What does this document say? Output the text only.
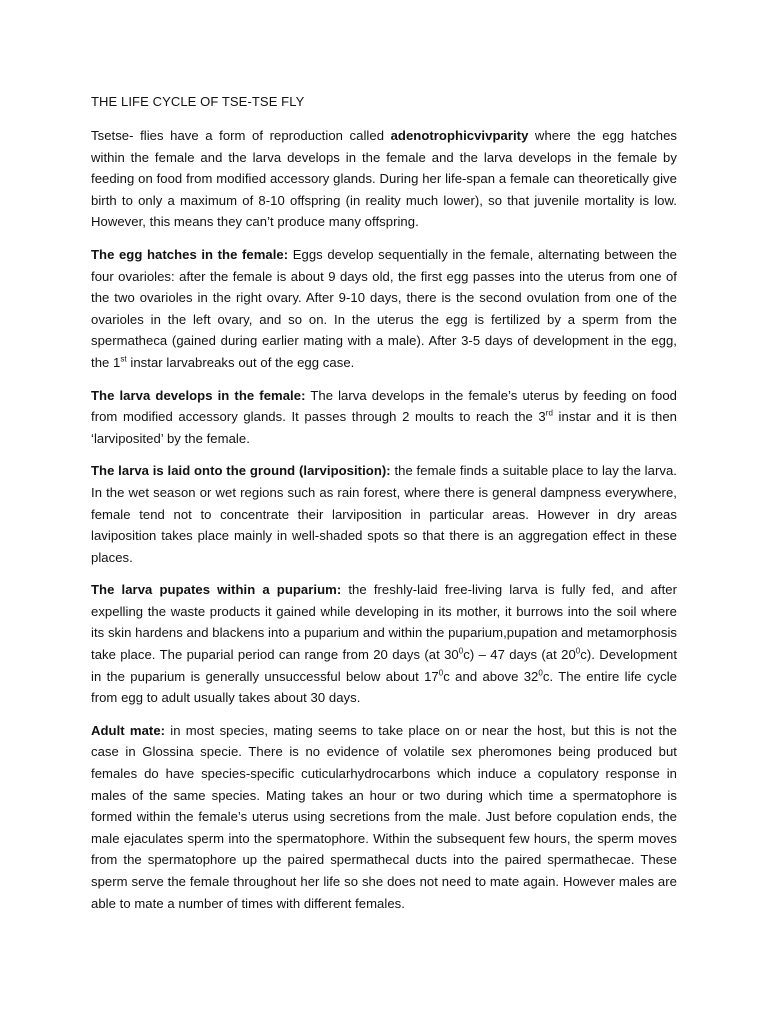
THE LIFE CYCLE OF TSE-TSE FLY

Tsetse- flies have a form of reproduction called adenotrophicvivparity where the egg hatches within the female and the larva develops in the female and the larva develops in the female by feeding on food from modified accessory glands. During her life-span a female can theoretically give birth to only a maximum of 8-10 offspring (in reality much lower), so that juvenile mortality is low. However, this means they can’t produce many offspring.

The egg hatches in the female: Eggs develop sequentially in the female, alternating between the four ovarioles: after the female is about 9 days old, the first egg passes into the uterus from one of the two ovarioles in the right ovary. After 9-10 days, there is the second ovulation from one of the ovarioles in the left ovary, and so on. In the uterus the egg is fertilized by a sperm from the spermatheca (gained during earlier mating with a male). After 3-5 days of development in the egg, the 1st instar larvabreaks out of the egg case.

The larva develops in the female: The larva develops in the female’s uterus by feeding on food from modified accessory glands. It passes through 2 moults to reach the 3rd instar and it is then ‘larviposited’ by the female.

The larva is laid onto the ground (larviposition): the female finds a suitable place to lay the larva. In the wet season or wet regions such as rain forest, where there is general dampness everywhere, female tend not to concentrate their larviposition in particular areas. However in dry areas laviposition takes place mainly in well-shaded spots so that there is an aggregation effect in these places.

The larva pupates within a puparium: the freshly-laid free-living larva is fully fed, and after expelling the waste products it gained while developing in its mother, it burrows into the soil where its skin hardens and blackens into a puparium and within the puparium,pupation and metamorphosis take place. The puparial period can range from 20 days (at $30^0c) - 47$ days (at $20^0c$). Development in the puparium is generally unsuccessful below about $17^0c$ and above $32^0c$. The entire life cycle from egg to adult usually takes about 30 days.

Adult mate: in most species, mating seems to take place on or near the host, but this is not the case in Glossina specie. There is no evidence of volatile sex pheromones being produced but females do have species-specific cuticularhydrocarbons which induce a copulatory response in males of the same species. Mating takes an hour or two during which time a spermatophore is formed within the female’s uterus using secretions from the male. Just before copulation ends, the male ejaculates sperm into the spermatophore. Within the subsequent few hours, the sperm moves from the spermatophore up the paired spermathecal ducts into the paired spermathecae. These sperm serve the female throughout her life so she does not need to mate again. However males are able to mate a number of times with different females.
